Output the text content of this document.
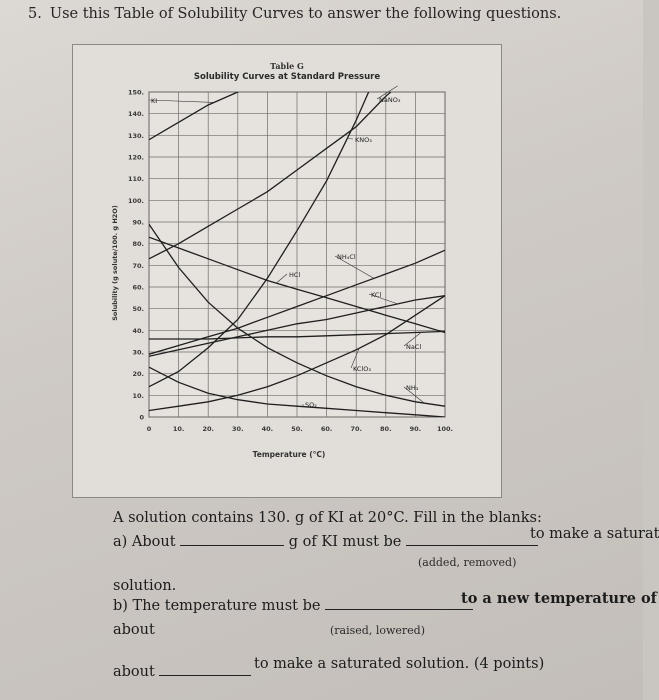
5. Use this Table of Solubility Curves to answer the following questions.
Table G
Solubility Curves at Standard Pressure
0
10.
20.
30.
40.
50.
60.
70.
80.
90.
100.
110.
120.
130.
140.
150.
0	10.	20.	30.	40.	50.	60.	70.	80.	90. 100.
KI	NaNO₃
KNO₃
NH₄Cl
HCl
KCl
NaCl
KClO₃
NH₃
SO₂
Temperature (°C)
Solubility (g solute/100. g H2O)
A solution contains 130. g of KI at 20°C. Fill in the blanks:
a) About	g of KI must be	to make a saturat
(added, removed)
solution.
b) The temperature must be	to a new temperature of
about	(raised, lowered)
about	to make a saturated solution. (4 points)
